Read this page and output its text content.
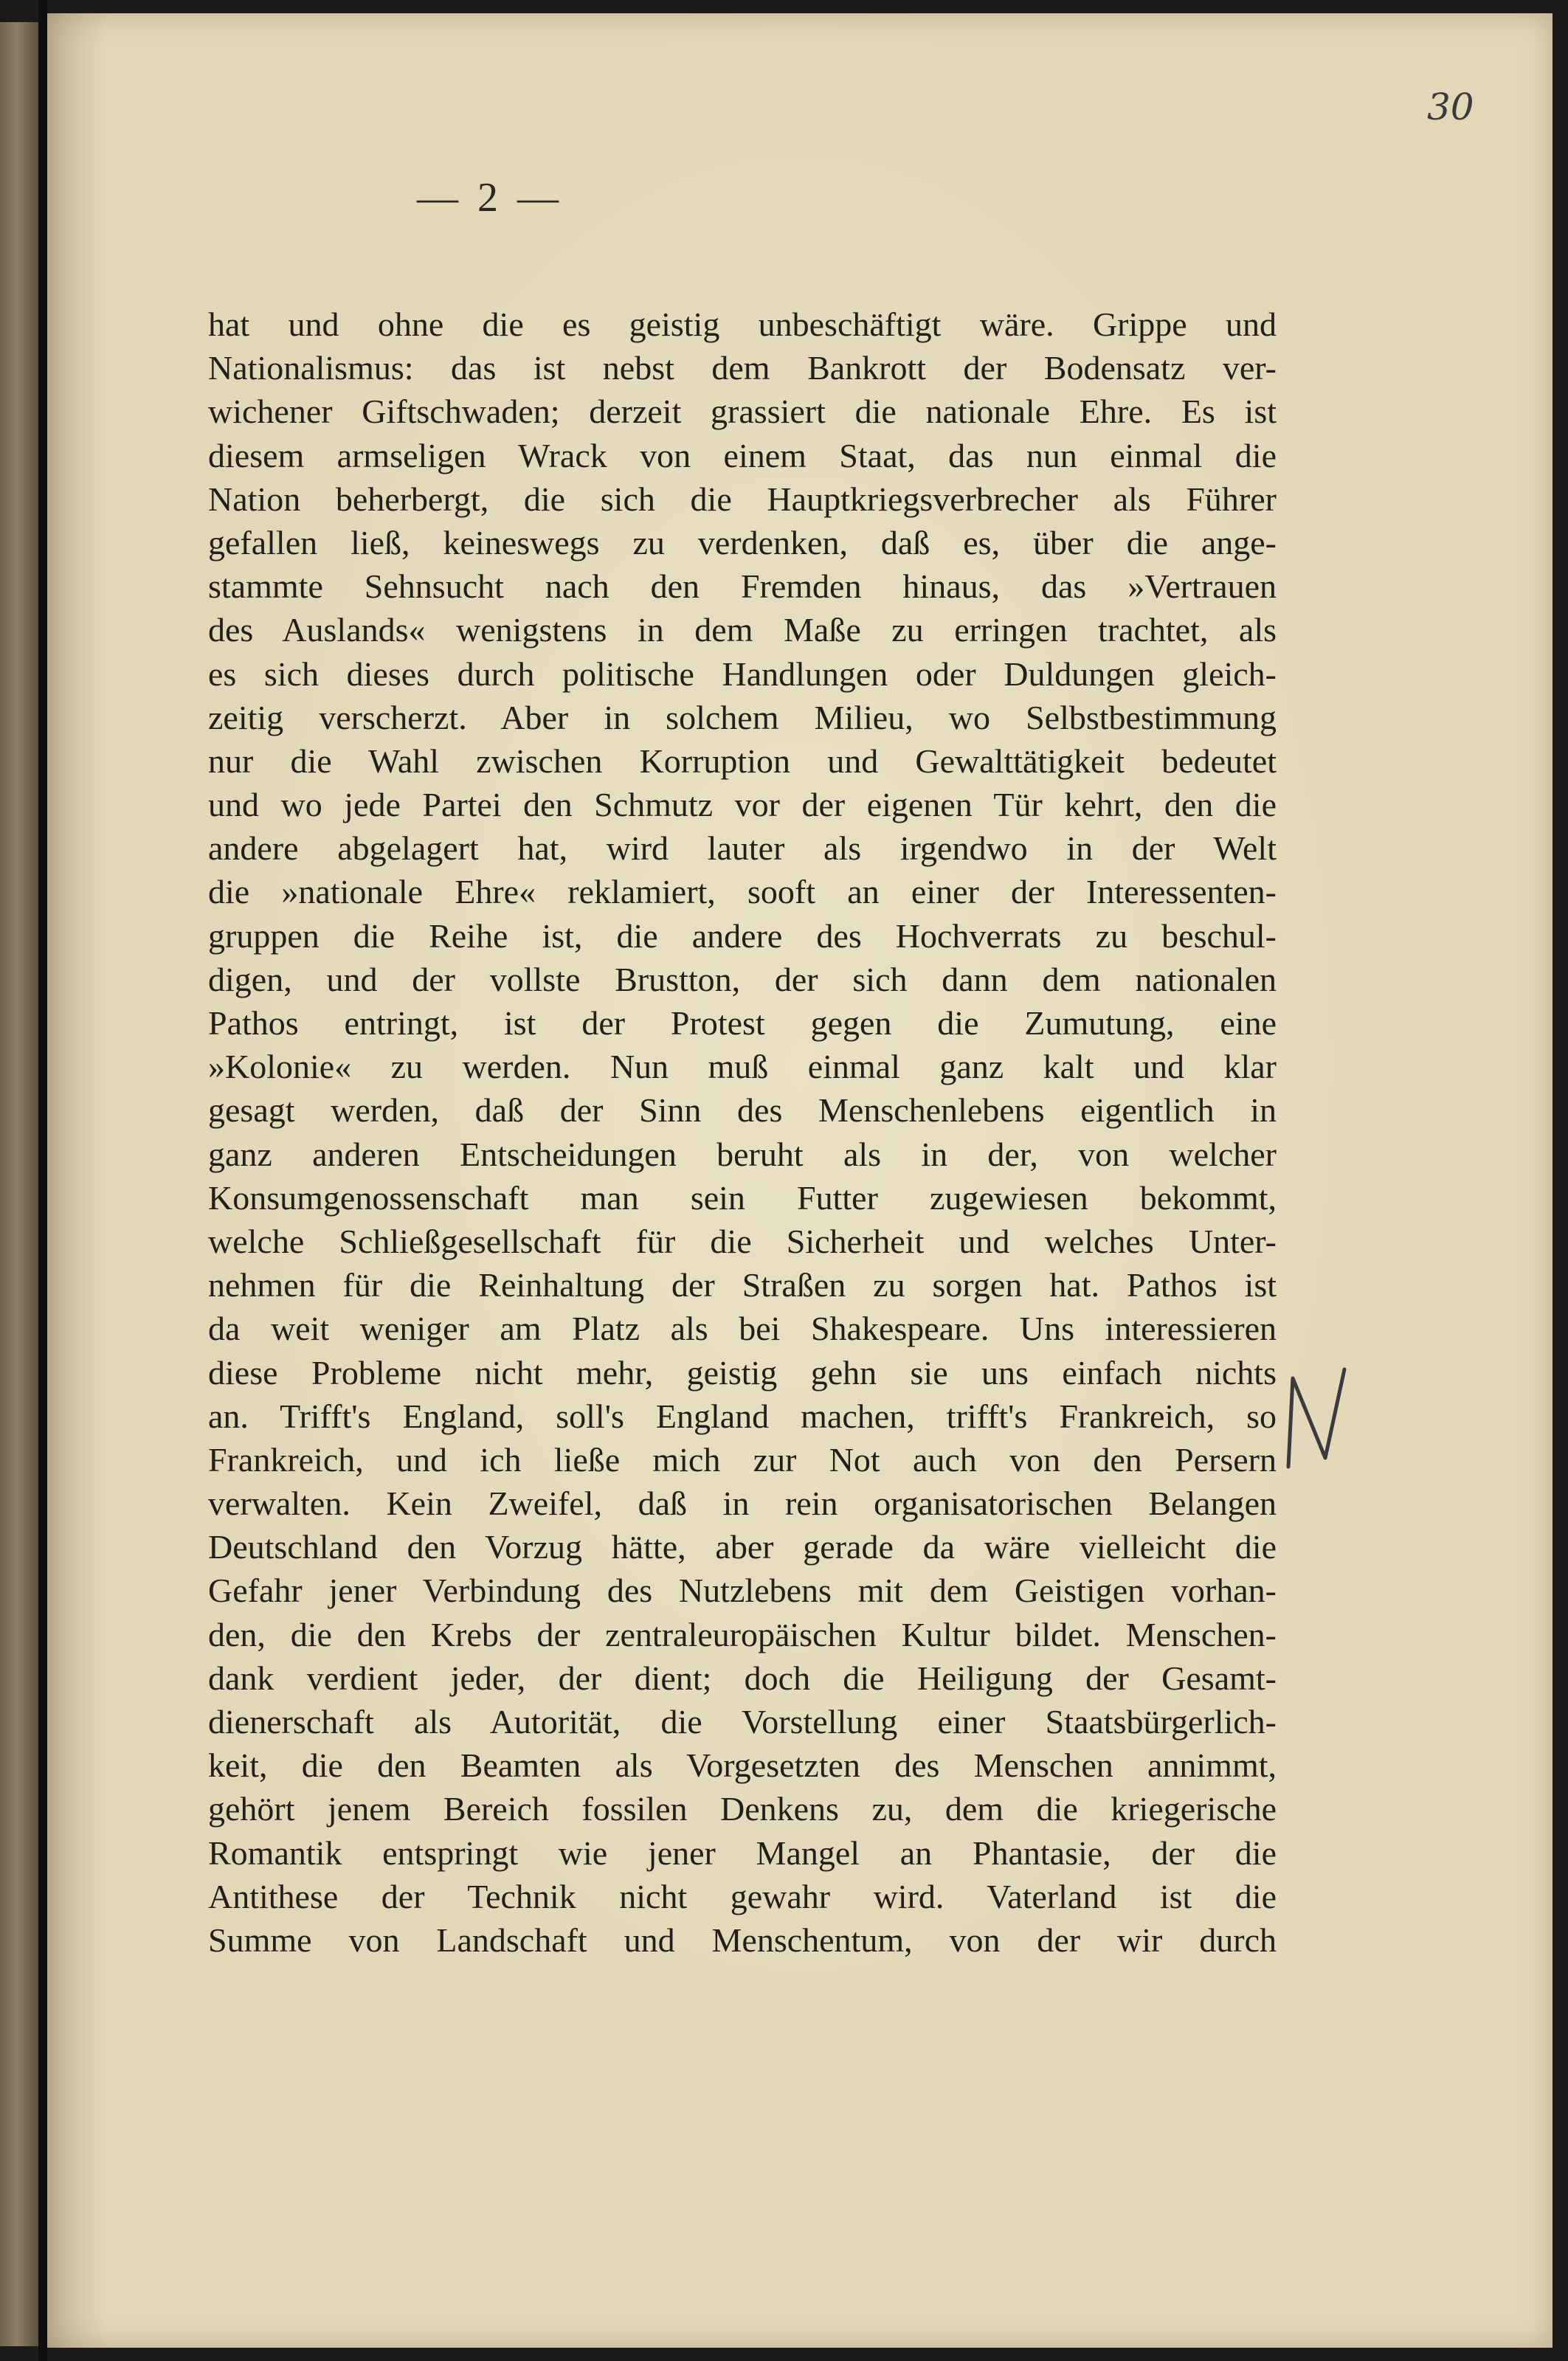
30
— 2 —
hat und ohne die es geistig unbeschäftigt wäre. Grippe und
Nationalismus: das ist nebst dem Bankrott der Bodensatz ver-
wichener Giftschwaden; derzeit grassiert die nationale Ehre. Es ist
diesem armseligen Wrack von einem Staat, das nun einmal die
Nation beherbergt, die sich die Hauptkriegsverbrecher als Führer
gefallen ließ, keineswegs zu verdenken, daß es, über die ange-
stammte Sehnsucht nach den Fremden hinaus, das »Vertrauen
des Auslands« wenigstens in dem Maße zu erringen trachtet, als
es sich dieses durch politische Handlungen oder Duldungen gleich-
zeitig verscherzt. Aber in solchem Milieu, wo Selbstbestimmung
nur die Wahl zwischen Korruption und Gewalttätigkeit bedeutet
und wo jede Partei den Schmutz vor der eigenen Tür kehrt, den die
andere abgelagert hat, wird lauter als irgendwo in der Welt
die »nationale Ehre« reklamiert, sooft an einer der Interessenten-
gruppen die Reihe ist, die andere des Hochverrats zu beschul-
digen, und der vollste Brustton, der sich dann dem nationalen
Pathos entringt, ist der Protest gegen die Zumutung, eine
»Kolonie« zu werden. Nun muß einmal ganz kalt und klar
gesagt werden, daß der Sinn des Menschenlebens eigentlich in
ganz anderen Entscheidungen beruht als in der, von welcher
Konsumgenossenschaft man sein Futter zugewiesen bekommt,
welche Schließgesellschaft für die Sicherheit und welches Unter-
nehmen für die Reinhaltung der Straßen zu sorgen hat. Pathos ist
da weit weniger am Platz als bei Shakespeare. Uns interessieren
diese Probleme nicht mehr, geistig gehn sie uns einfach nichts
an. Trifft's England, soll's England machen, trifft's Frankreich, so
Frankreich, und ich ließe mich zur Not auch von den Persern
verwalten. Kein Zweifel, daß in rein organisatorischen Belangen
Deutschland den Vorzug hätte, aber gerade da wäre vielleicht die
Gefahr jener Verbindung des Nutzlebens mit dem Geistigen vorhan-
den, die den Krebs der zentraleuropäischen Kultur bildet. Menschen-
dank verdient jeder, der dient; doch die Heiligung der Gesamt-
dienerschaft als Autorität, die Vorstellung einer Staatsbürgerlich-
keit, die den Beamten als Vorgesetzten des Menschen annimmt,
gehört jenem Bereich fossilen Denkens zu, dem die kriegerische
Romantik entspringt wie jener Mangel an Phantasie, der die
Antithese der Technik nicht gewahr wird. Vaterland ist die
Summe von Landschaft und Menschentum, von der wir durch
